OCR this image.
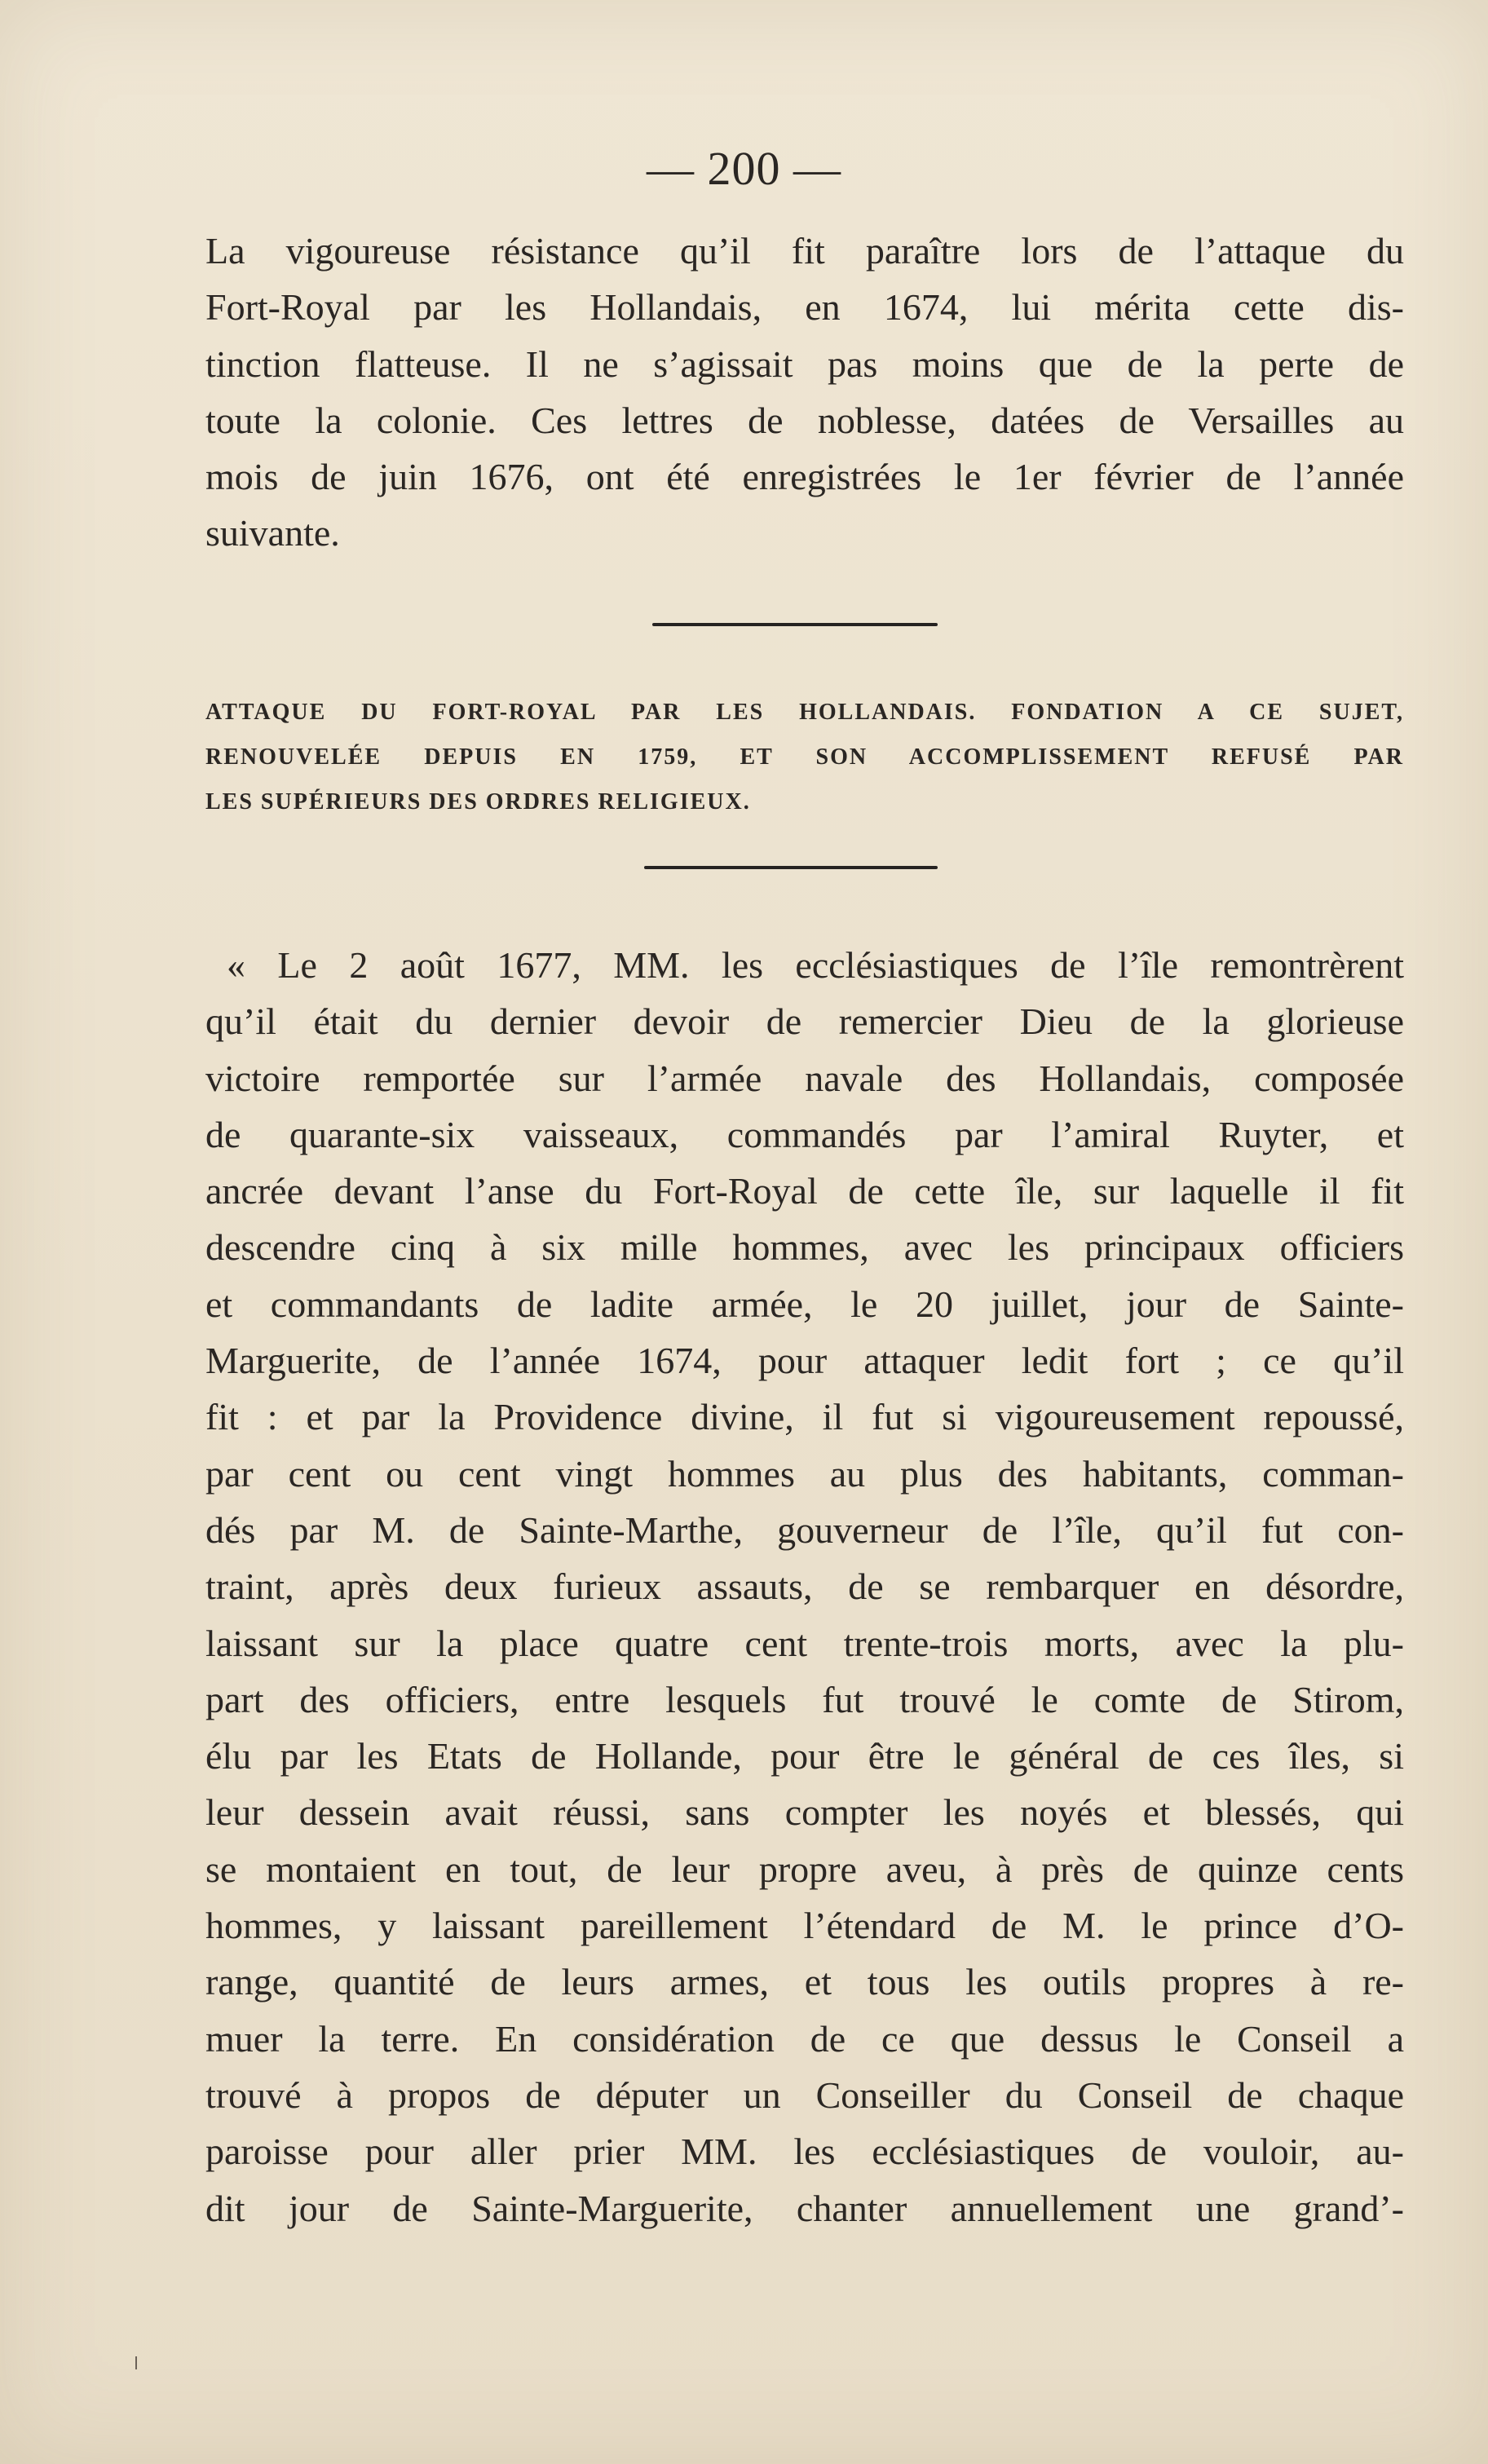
— 200 —
La vigoureuse résistance qu’il fit paraître lors de l’attaque du
Fort-Royal par les Hollandais, en 1674, lui mérita cette dis-
tinction flatteuse. Il ne s’agissait pas moins que de la perte de
toute la colonie. Ces lettres de noblesse, datées de Versailles au
mois de juin 1676, ont été enregistrées le 1er février de l’année
suivante.
ATTAQUE DU FORT-ROYAL PAR LES HOLLANDAIS. FONDATION A CE SUJET,
RENOUVELÉE DEPUIS EN 1759, ET SON ACCOMPLISSEMENT REFUSÉ PAR
LES SUPÉRIEURS DES ORDRES RELIGIEUX.
« Le 2 août 1677, MM. les ecclésiastiques de l’île remontrèrent
qu’il était du dernier devoir de remercier Dieu de la glorieuse
victoire remportée sur l’armée navale des Hollandais, composée
de quarante-six vaisseaux, commandés par l’amiral Ruyter, et
ancrée devant l’anse du Fort-Royal de cette île, sur laquelle il fit
descendre cinq à six mille hommes, avec les principaux officiers
et commandants de ladite armée, le 20 juillet, jour de Sainte-
Marguerite, de l’année 1674, pour attaquer ledit fort ; ce qu’il
fit : et par la Providence divine, il fut si vigoureusement repoussé,
par cent ou cent vingt hommes au plus des habitants, comman-
dés par M. de Sainte-Marthe, gouverneur de l’île, qu’il fut con-
traint, après deux furieux assauts, de se rembarquer en désordre,
laissant sur la place quatre cent trente-trois morts, avec la plu-
part des officiers, entre lesquels fut trouvé le comte de Stirom,
élu par les Etats de Hollande, pour être le général de ces îles, si
leur dessein avait réussi, sans compter les noyés et blessés, qui
se montaient en tout, de leur propre aveu, à près de quinze cents
hommes, y laissant pareillement l’étendard de M. le prince d’O-
range, quantité de leurs armes, et tous les outils propres à re-
muer la terre. En considération de ce que dessus le Conseil a
trouvé à propos de députer un Conseiller du Conseil de chaque
paroisse pour aller prier MM. les ecclésiastiques de vouloir, au-
dit jour de Sainte-Marguerite, chanter annuellement une grand’-
